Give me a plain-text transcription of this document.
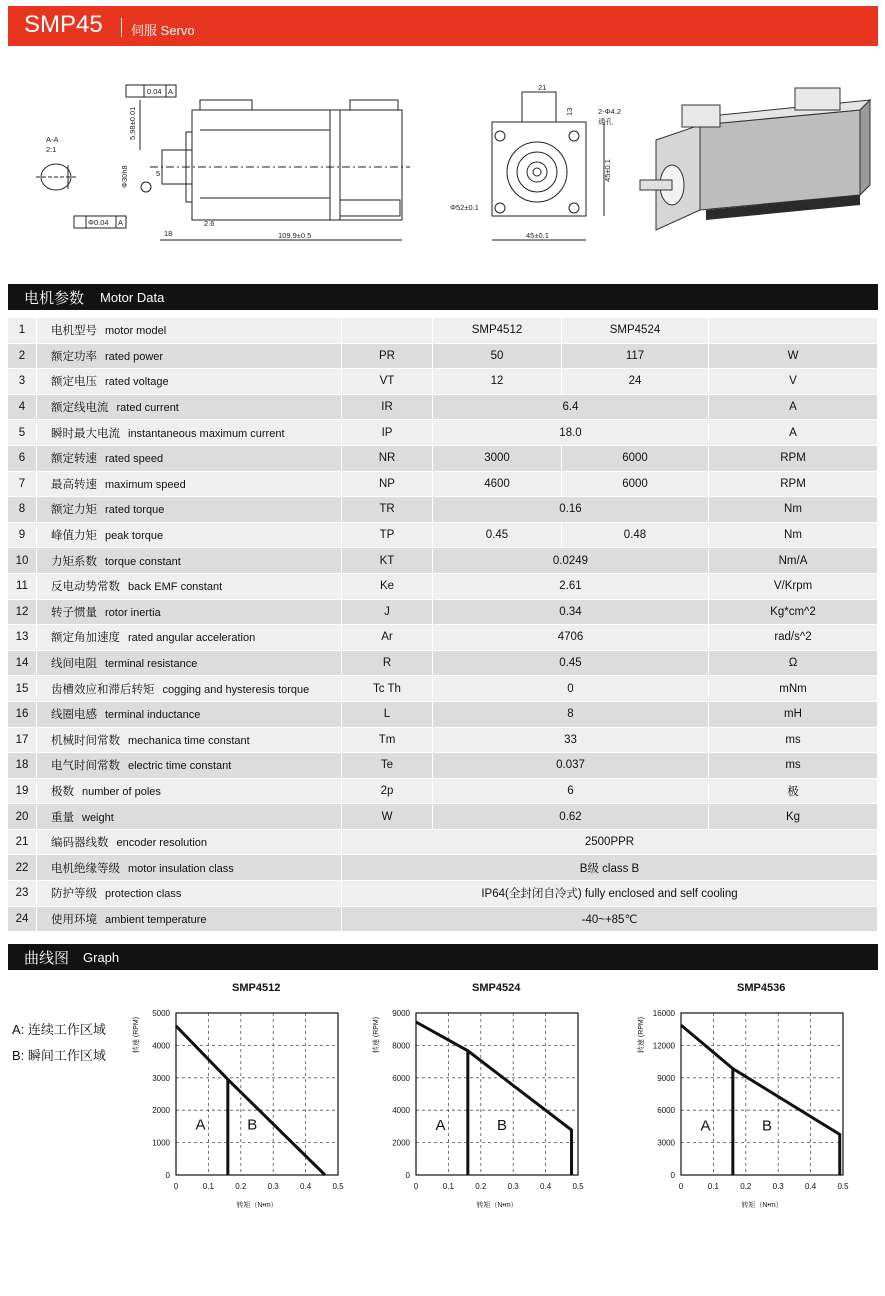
SMP45 伺服 Servo
0.04 A
A-A
2:1
5.98±0.01
Φ30h8	5
Φ0.04 A
18
2.6
109.9±0.5
21
13	2-Φ4.2
通孔
Φ52±0.1
45±0.1
45±0.1
电机参数 Motor Data
1	电机型号 motor model		SMP4512	SMP4524	
2	额定功率 rated power	PR	50	117	W
3	额定电压 rated voltage	VT	12	24	V
4	额定线电流 rated current	IR	6.4		A
5	瞬时最大电流 instantaneous maximum current	IP	18.0		A
6	额定转速 rated speed	NR	3000	6000	RPM
7	最高转速 maximum speed	NP	4600	6000	RPM
8	额定力矩 rated torque	TR	0.16		Nm
9	峰值力矩 peak torque	TP	0.45	0.48	Nm
10	力矩系数 torque constant	KT	0.0249		Nm/A
11	反电动势常数 back EMF constant	Ke	2.61		V/Krpm
12	转子惯量 rotor inertia	J	0.34		Kg*cm^2
13	额定角加速度 rated angular acceleration	Ar	4706		rad/s^2
14	线间电阻 terminal resistance	R	0.45		Ω
15	齿槽效应和滞后转矩 cogging and hysteresis torque	Tc Th	0		mNm
16	线圈电感 terminal inductance	L	8		mH
17	机械时间常数 mechanica time constant	Tm	33		ms
18	电气时间常数 electric time constant	Te	0.037		ms
19	极数 number of poles	2p	6		极
20	重量 weight	W	0.62		Kg
21	编码器线数 encoder resolution	2500PPR			
22	电机绝缘等级 motor insulation class	B级 class B			
23	防护等级 protection class	IP64(全封闭自冷式) fully enclosed and self cooling			
24	使用环境 ambient temperature	-40~+85℃			
曲线图 Graph
A: 连续工作区域
B: 瞬间工作区域
SMP4512
0	0.1	0.2	0.3	0.4	0.5
0
1000
2000
3000
4000
5000
转矩（N•m）
转速 (RPM)
A	B
SMP4524
0	0.1	0.2	0.3	0.4	0.5
0
2000
4000
6000
8000
9000
转矩（N•m）
转速 (RPM)
A	B
SMP4536
0	0.1	0.2	0.3	0.4	0.5
0
3000
6000
9000
12000
16000
转矩（N•m）
转速 (RPM)
A	B
